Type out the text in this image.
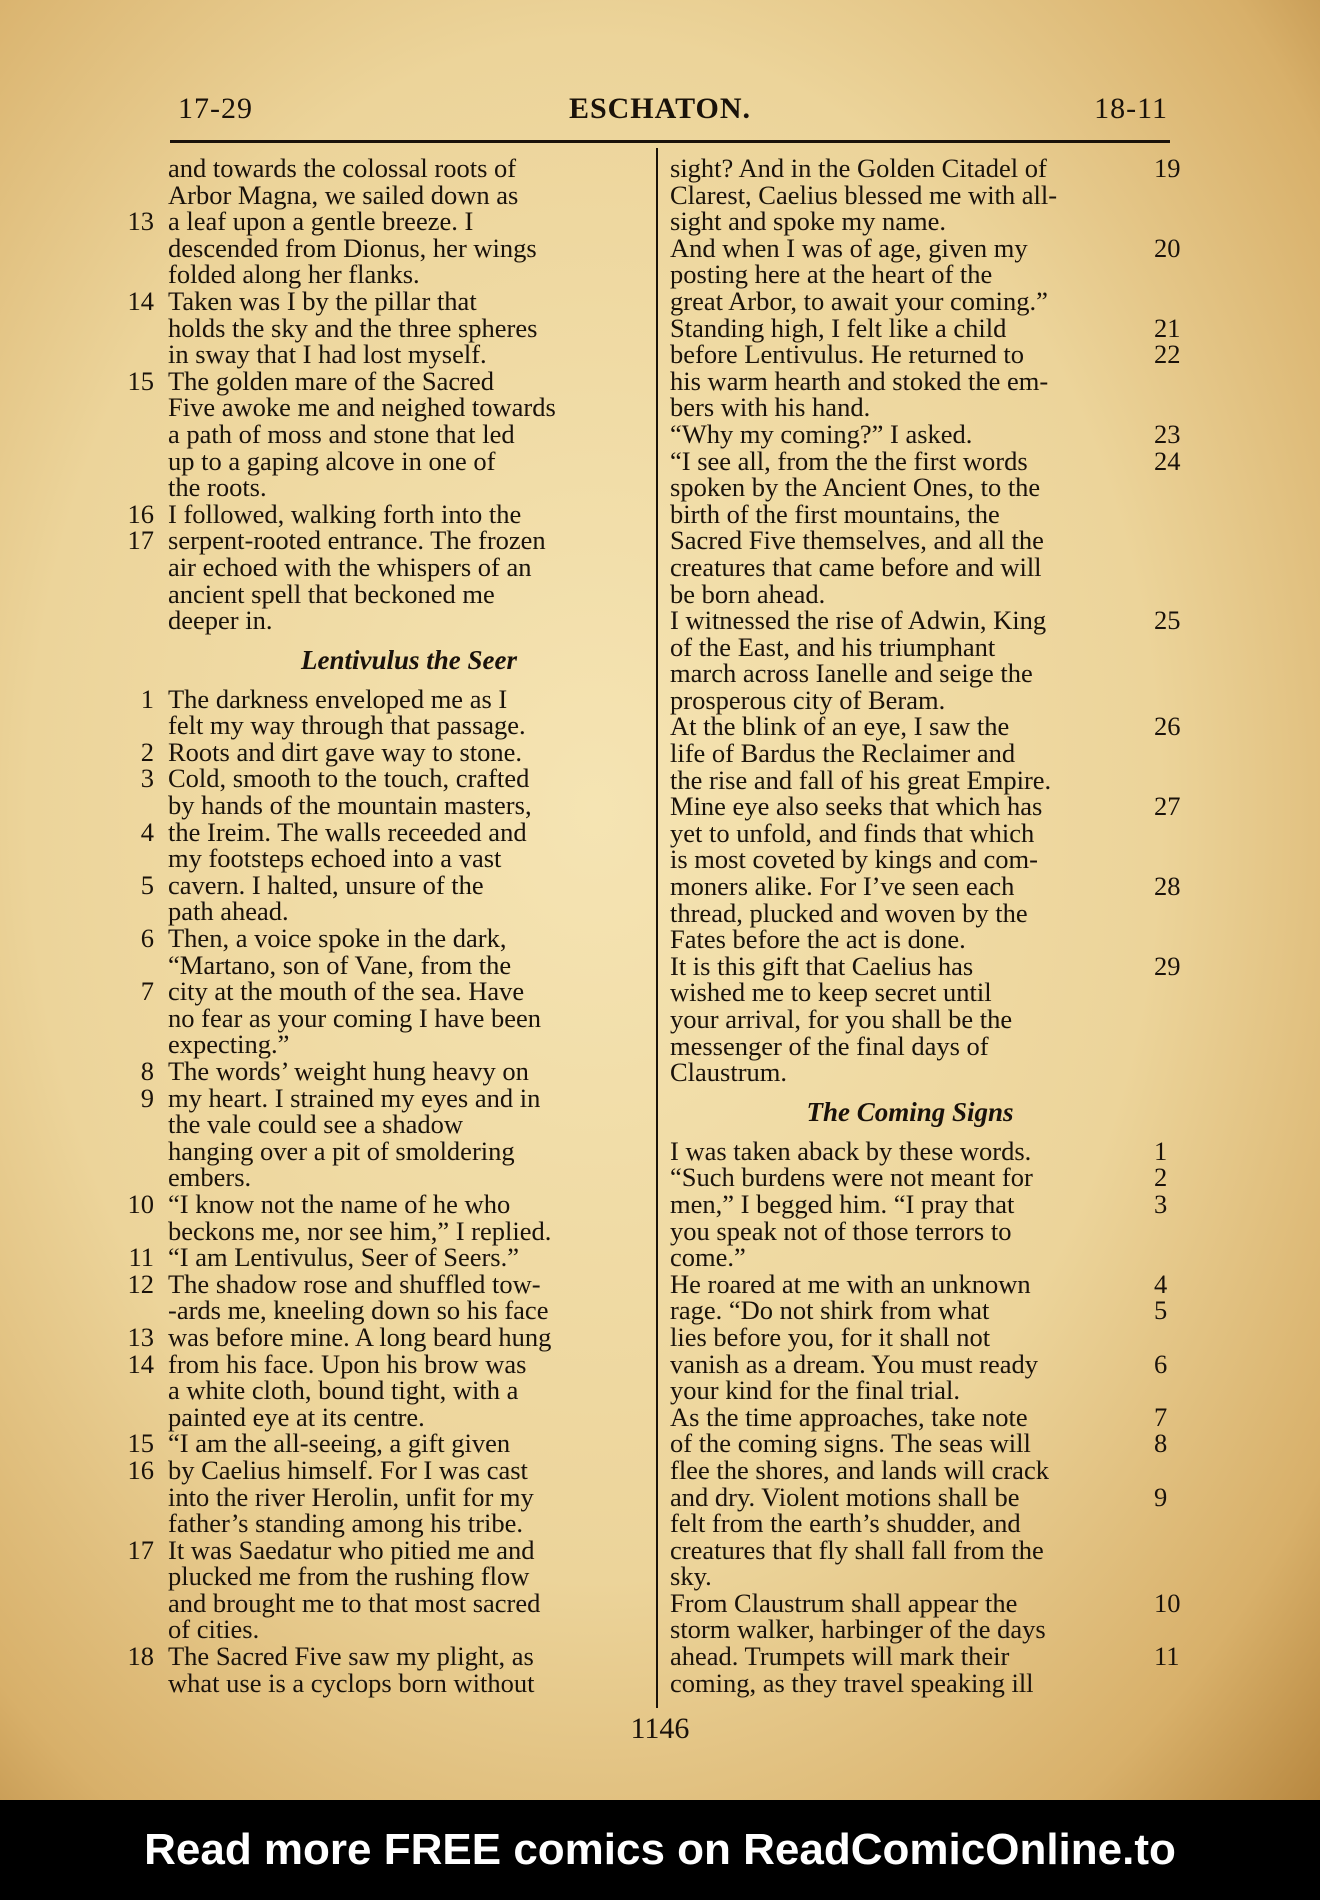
17-29	ESCHATON.	18-11
and towards the colossal roots of
Arbor Magna, we sailed down as
13 a leaf upon a gentle breeze. I
descended from Dionus, her wings
folded along her flanks.
14 Taken was I by the pillar that
holds the sky and the three spheres
in sway that I had lost myself.
15 The golden mare of the Sacred
Five awoke me and neighed towards
a path of moss and stone that led
up to a gaping alcove in one of
the roots.
16 I followed, walking forth into the
17 serpent-rooted entrance. The frozen
air echoed with the whispers of an
ancient spell that beckoned me
deeper in.
Lentivulus the Seer
1 The darkness enveloped me as I
felt my way through that passage.
2 Roots and dirt gave way to stone.
3 Cold, smooth to the touch, crafted
by hands of the mountain masters,
4 the Ireim. The walls receeded and
my footsteps echoed into a vast
5 cavern. I halted, unsure of the
path ahead.
6 Then, a voice spoke in the dark,
“Martano, son of Vane, from the
7 city at the mouth of the sea. Have
no fear as your coming I have been
expecting.”
8 The words’ weight hung heavy on
9 my heart. I strained my eyes and in
the vale could see a shadow
hanging over a pit of smoldering
embers.
10 “I know not the name of he who
beckons me, nor see him,” I replied.
11 “I am Lentivulus, Seer of Seers.”
12 The shadow rose and shuffled tow-
-ards me, kneeling down so his face
13 was before mine. A long beard hung
14 from his face. Upon his brow was
a white cloth, bound tight, with a
painted eye at its centre.
15 “I am the all-seeing, a gift given
16 by Caelius himself. For I was cast
into the river Herolin, unfit for my
father’s standing among his tribe.
17 It was Saedatur who pitied me and
plucked me from the rushing flow
and brought me to that most sacred
of cities.
18 The Sacred Five saw my plight, as
what use is a cyclops born without
19
sight? And in the Golden Citadel of
Clarest, Caelius blessed me with all-
sight and spoke my name.
20
And when I was of age, given my
posting here at the heart of the
great Arbor, to await your coming.”
21
Standing high, I felt like a child
22
before Lentivulus. He returned to
his warm hearth and stoked the em-
bers with his hand.
23
“Why my coming?” I asked.
24
“I see all, from the the first words
spoken by the Ancient Ones, to the
birth of the first mountains, the
Sacred Five themselves, and all the
creatures that came before and will
be born ahead.
25
I witnessed the rise of Adwin, King
of the East, and his triumphant
march across Ianelle and seige the
prosperous city of Beram.
26
At the blink of an eye, I saw the
life of Bardus the Reclaimer and
the rise and fall of his great Empire.
27
Mine eye also seeks that which has
yet to unfold, and finds that which
is most coveted by kings and com-
28
moners alike. For I’ve seen each
thread, plucked and woven by the
Fates before the act is done.
29
It is this gift that Caelius has
wished me to keep secret until
your arrival, for you shall be the
messenger of the final days of
Claustrum.
The Coming Signs
1
I was taken aback by these words.
2
“Such burdens were not meant for
3
men,” I begged him. “I pray that
you speak not of those terrors to
come.”
4
He roared at me with an unknown
5
rage. “Do not shirk from what
lies before you, for it shall not
6
vanish as a dream. You must ready
your kind for the final trial.
7
As the time approaches, take note
8
of the coming signs. The seas will
flee the shores, and lands will crack
9
and dry. Violent motions shall be
felt from the earth’s shudder, and
creatures that fly shall fall from the
sky.
10
From Claustrum shall appear the
storm walker, harbinger of the days
11
ahead. Trumpets will mark their
coming, as they travel speaking ill
1146
Read more FREE comics on ReadComicOnline.to
